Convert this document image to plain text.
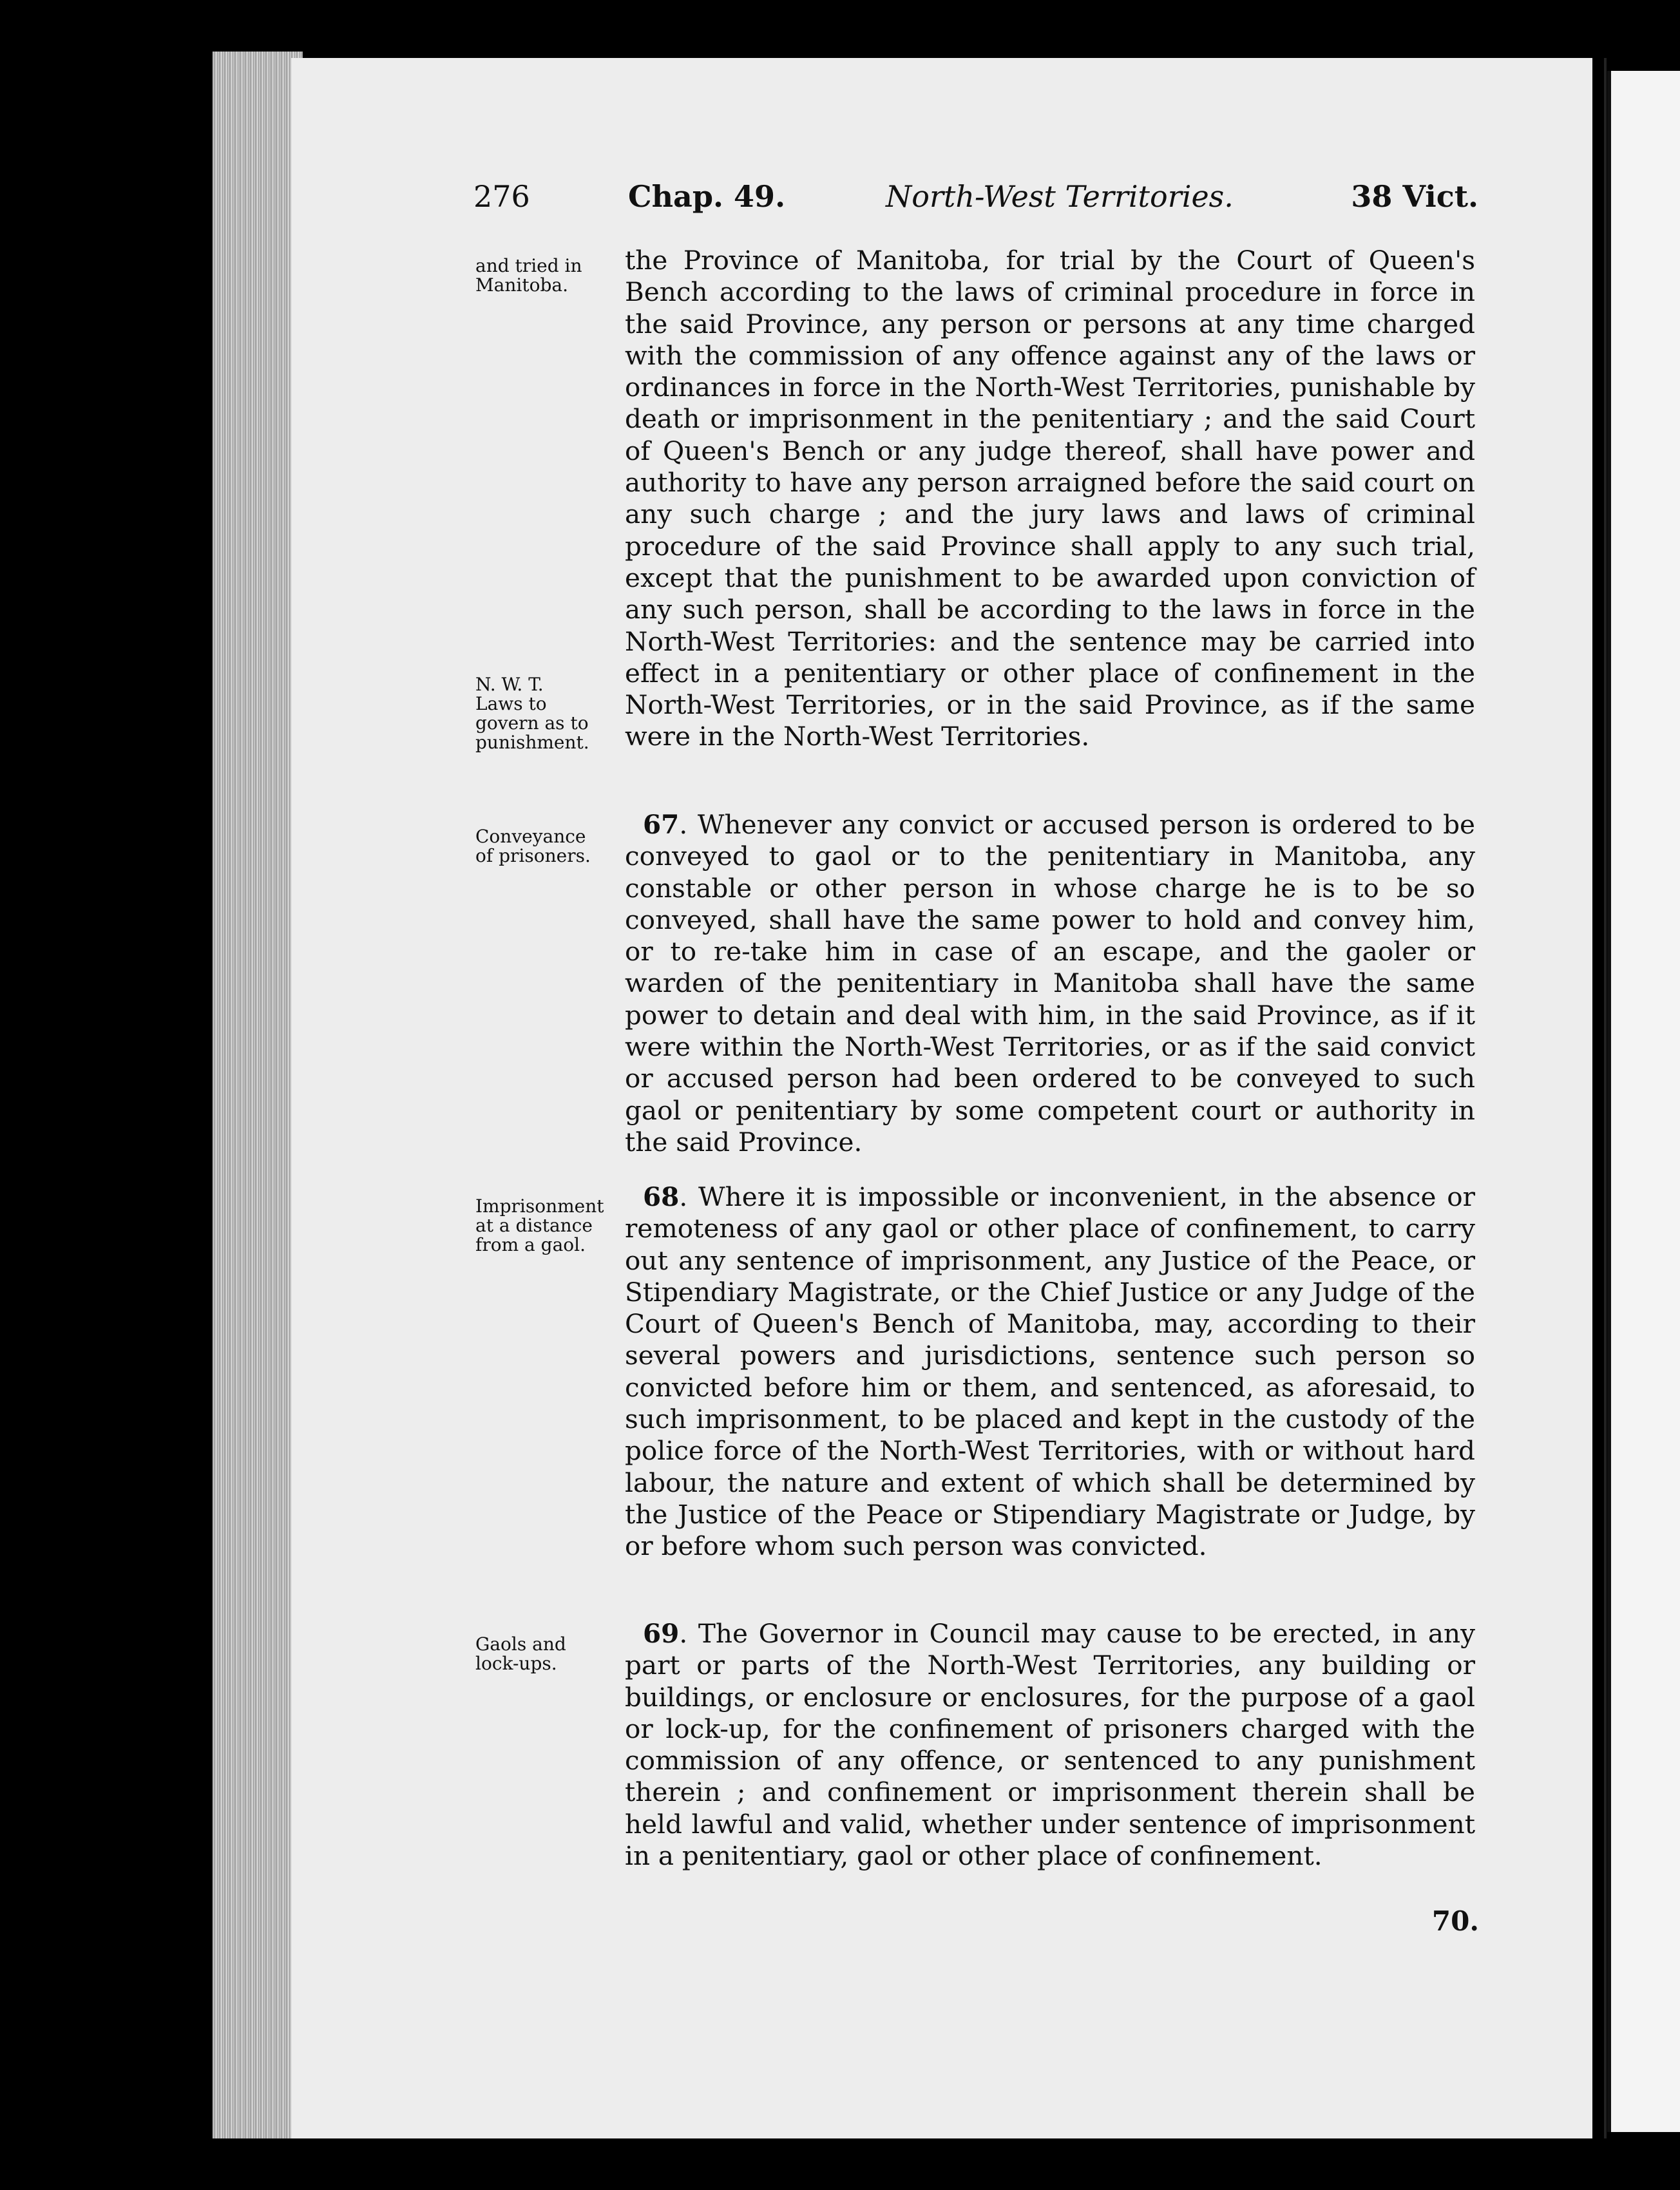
276	Chap. 49.	North-West Territories.	38 Vict.
and tried in
Manitoba.
N. W. T.
Laws to
govern as to
punishment.
Conveyance
of prisoners.
Imprisonment
at a distance
from a gaol.
Gaols and
lock-ups.

the Province of Manitoba, for trial by the Court of Queen's Bench according to the laws of criminal procedure in force in the said Province, any person or persons at any time charged with the commission of any offence against any of the laws or ordinances in force in the North-West Territories, punishable by death or imprisonment in the penitentiary ; and the said Court of Queen's Bench or any judge thereof, shall have power and authority to have any person arraigned before the said court on any such charge ; and the jury laws and laws of criminal procedure of the said Province shall apply to any such trial, except that the punishment to be awarded upon conviction of any such person, shall be according to the laws in force in the North-West Territories: and the sentence may be carried into effect in a penitentiary or other place of confinement in the North-West Territories, or in the said Province, as if the same were in the North-West Territories.

67. Whenever any convict or accused person is ordered to be conveyed to gaol or to the penitentiary in Manitoba, any constable or other person in whose charge he is to be so conveyed, shall have the same power to hold and convey him, or to re-take him in case of an escape, and the gaoler or warden of the penitentiary in Manitoba shall have the same power to detain and deal with him, in the said Province, as if it were within the North-West Territories, or as if the said convict or accused person had been ordered to be conveyed to such gaol or penitentiary by some competent court or authority in the said Province.

68. Where it is impossible or inconvenient, in the absence or remoteness of any gaol or other place of confinement, to carry out any sentence of imprisonment, any Justice of the Peace, or Stipendiary Magistrate, or the Chief Justice or any Judge of the Court of Queen's Bench of Manitoba, may, according to their several powers and jurisdictions, sentence such person so convicted before him or them, and sentenced, as aforesaid, to such imprisonment, to be placed and kept in the custody of the police force of the North-West Territories, with or without hard labour, the nature and extent of which shall be determined by the Justice of the Peace or Stipendiary Magistrate or Judge, by or before whom such person was convicted.

69. The Governor in Council may cause to be erected, in any part or parts of the North-West Territories, any building or buildings, or enclosure or enclosures, for the purpose of a gaol or lock-up, for the confinement of prisoners charged with the commission of any offence, or sentenced to any punishment therein ; and confinement or imprisonment therein shall be held lawful and valid, whether under sentence of imprisonment in a penitentiary, gaol or other place of confinement.

70.
